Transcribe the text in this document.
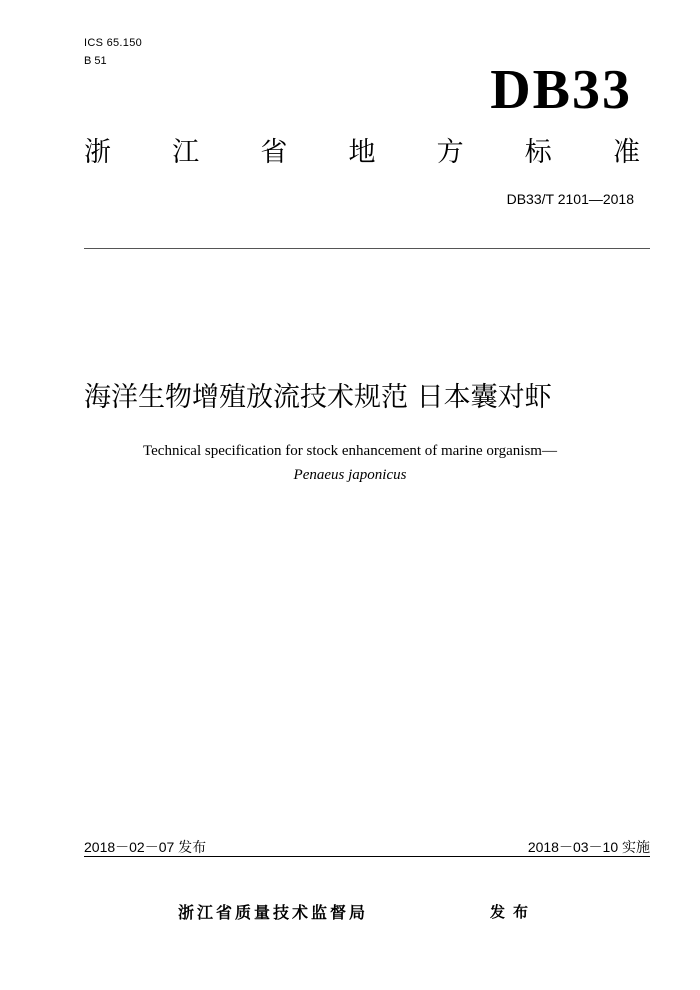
ICS 65.150
B 51	DB33
浙 江 省 地 方 标 准
DB33/T 2101—2018
海洋生物增殖放流技术规范 日本囊对虾
Technical specification for stock enhancement of marine organism—
Penaeus japonicus
2018－02－07 发布	2018－03－10 实施
浙江省质量技术监督局	发布
